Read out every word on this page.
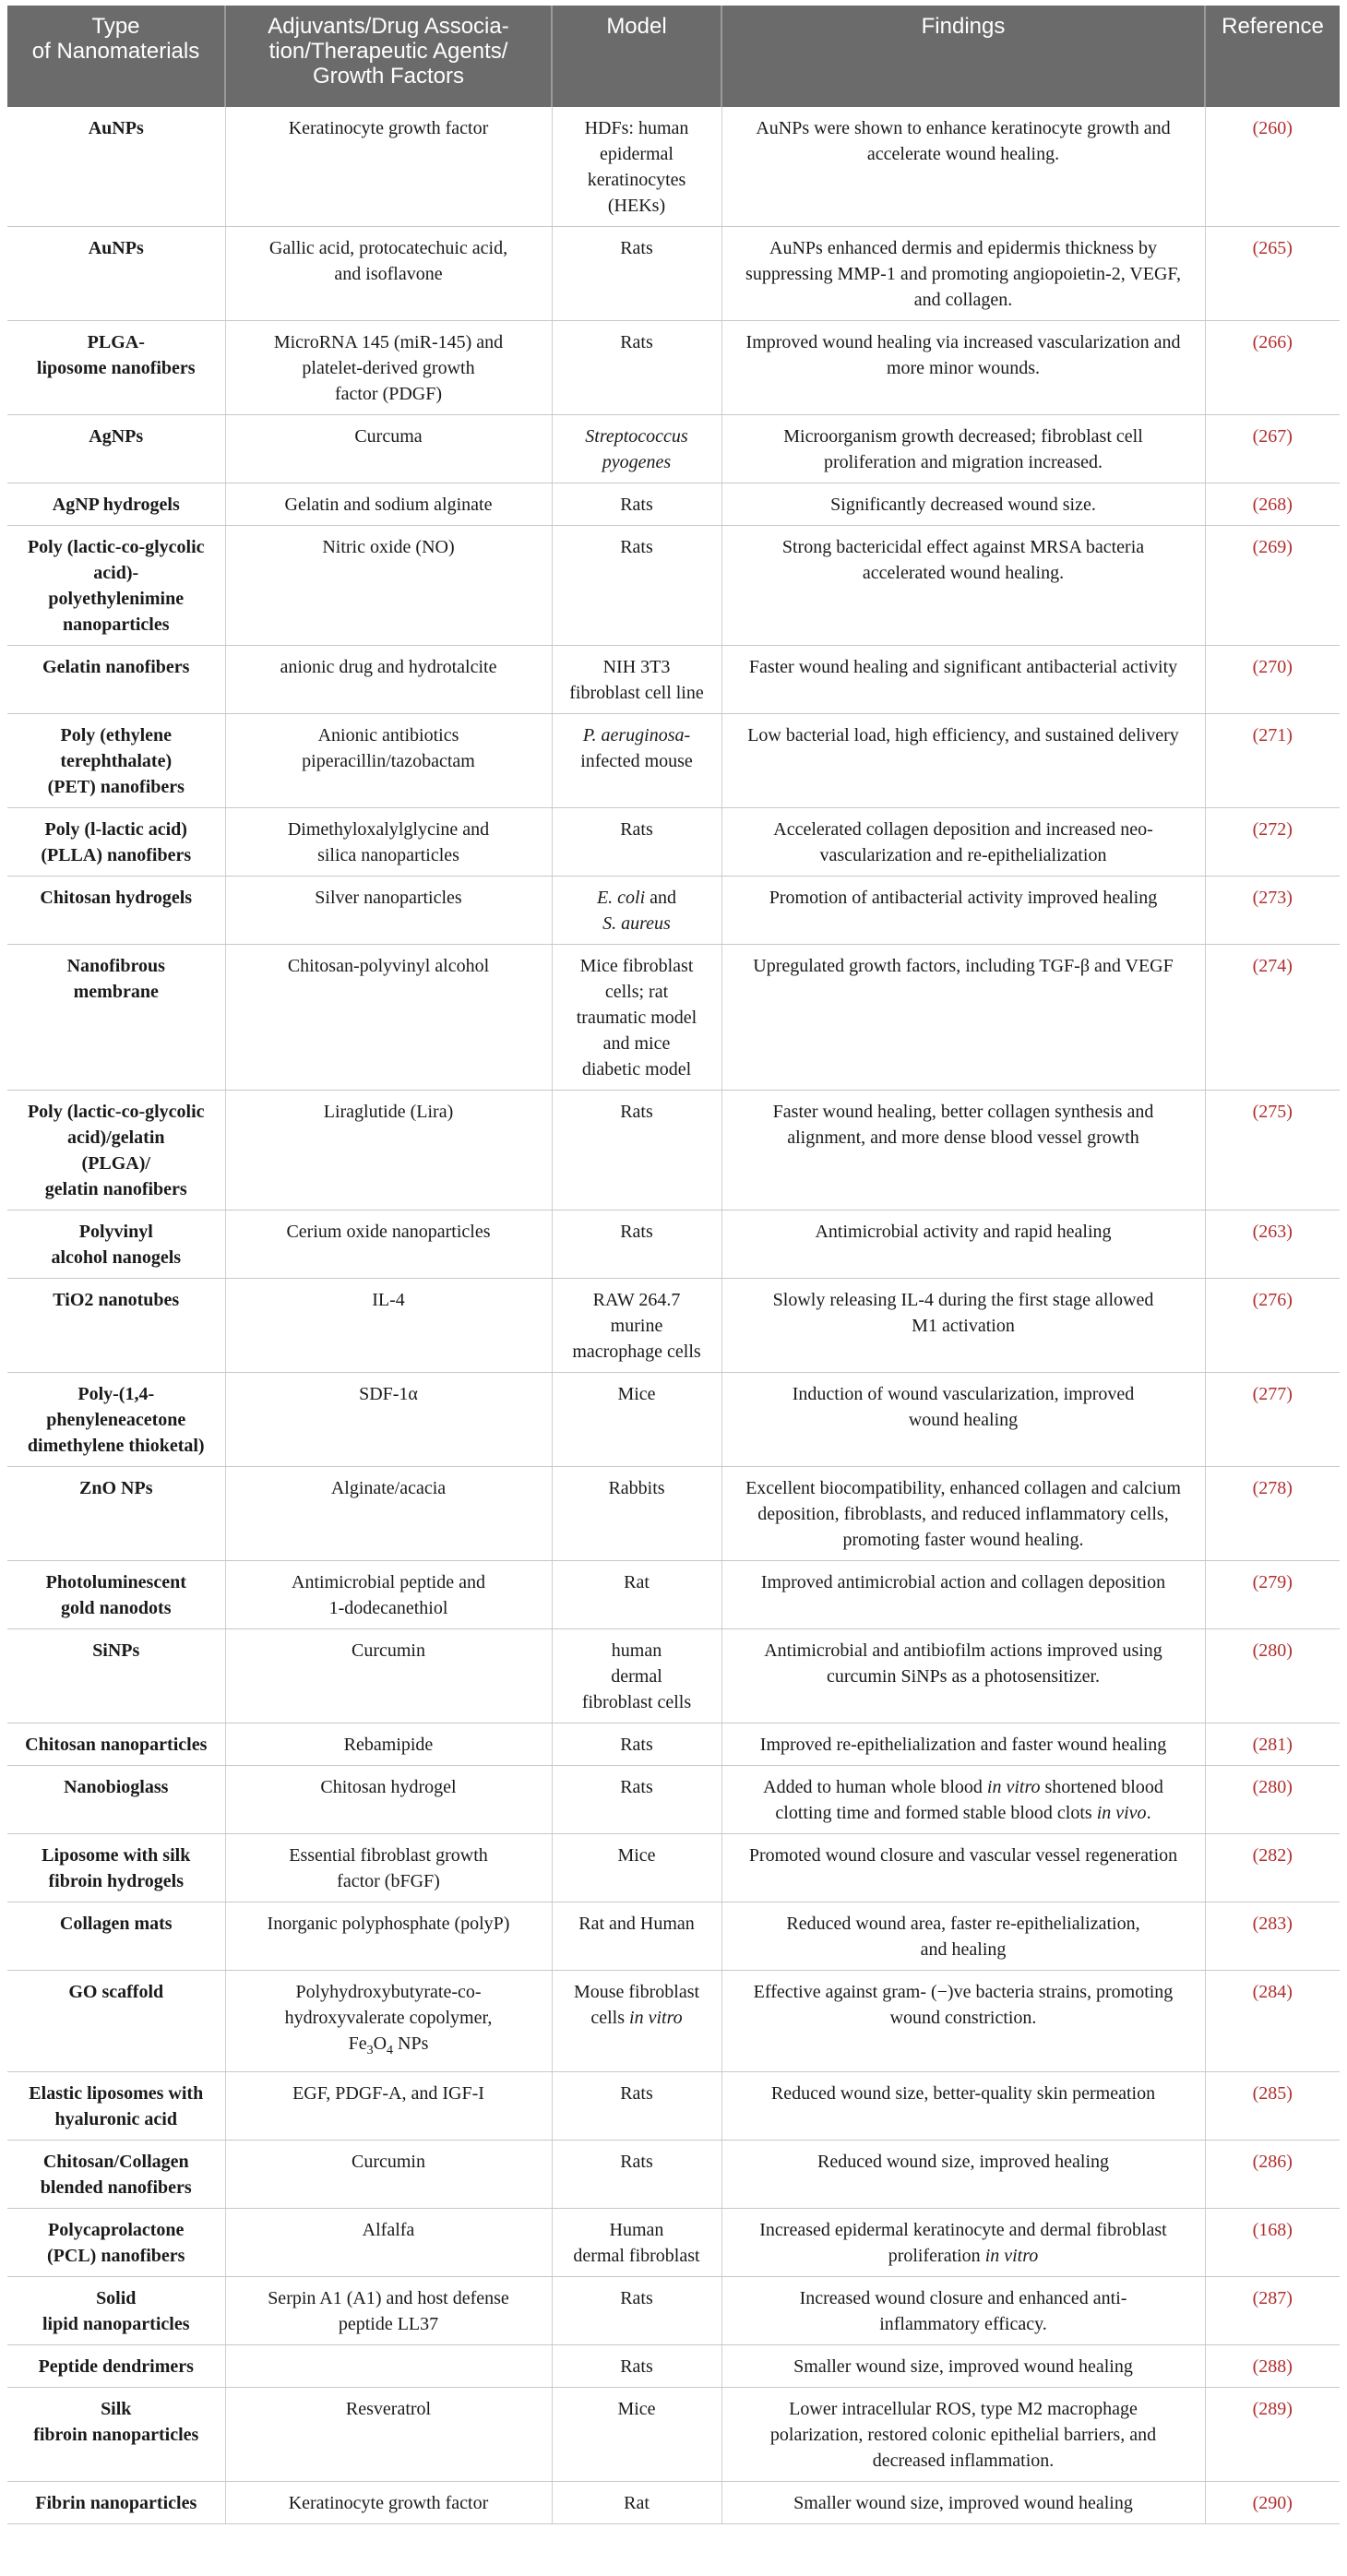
Type
of Nanomaterials	Adjuvants/Drug Associa-
tion/Therapeutic Agents/
Growth Factors	Model	Findings	Reference

AuNPs	Keratinocyte growth factor	HDFs: human
epidermal
keratinocytes
(HEKs)	AuNPs were shown to enhance keratinocyte growth and
accelerate wound healing.	(260)

AuNPs	Gallic acid, protocatechuic acid,
and isoflavone	Rats	AuNPs enhanced dermis and epidermis thickness by
suppressing MMP-1 and promoting angiopoietin-2, VEGF,
and collagen.	(265)

PLGA-
liposome nanofibers	MicroRNA 145 (miR-145) and
platelet-derived growth
factor (PDGF)	Rats	Improved wound healing via increased vascularization and
more minor wounds.	(266)

AgNPs	Curcuma	Streptococcus
pyogenes	Microorganism growth decreased; fibroblast cell
proliferation and migration increased.	(267)

AgNP hydrogels	Gelatin and sodium alginate	Rats	Significantly decreased wound size.	(268)

Poly (lactic-co-glycolic
acid)-
polyethylenimine
nanoparticles	Nitric oxide (NO)	Rats	Strong bactericidal effect against MRSA bacteria
accelerated wound healing.	(269)

Gelatin nanofibers	anionic drug and hydrotalcite	NIH 3T3
fibroblast cell line	Faster wound healing and significant antibacterial activity	(270)

Poly (ethylene
terephthalate)
(PET) nanofibers	Anionic antibiotics
piperacillin/tazobactam	P. aeruginosa-
infected mouse	Low bacterial load, high efficiency, and sustained delivery	(271)

Poly (l-lactic acid)
(PLLA) nanofibers	Dimethyloxalylglycine and
silica nanoparticles	Rats	Accelerated collagen deposition and increased neo-
vascularization and re-epithelialization	(272)

Chitosan hydrogels	Silver nanoparticles	E. coli and
S. aureus	Promotion of antibacterial activity improved healing	(273)

Nanofibrous
membrane	Chitosan-polyvinyl alcohol	Mice fibroblast
cells; rat
traumatic model
and mice
diabetic model	Upregulated growth factors, including TGF-β and VEGF	(274)

Poly (lactic-co-glycolic
acid)/gelatin
(PLGA)/
gelatin nanofibers	Liraglutide (Lira)	Rats	Faster wound healing, better collagen synthesis and
alignment, and more dense blood vessel growth	(275)

Polyvinyl
alcohol nanogels	Cerium oxide nanoparticles	Rats	Antimicrobial activity and rapid healing	(263)

TiO2 nanotubes	IL-4	RAW 264.7
murine
macrophage cells	Slowly releasing IL-4 during the first stage allowed
M1 activation	(276)

Poly-(1,4-
phenyleneacetone
dimethylene thioketal)	SDF-1α	Mice	Induction of wound vascularization, improved
wound healing	(277)

ZnO NPs	Alginate/acacia	Rabbits	Excellent biocompatibility, enhanced collagen and calcium
deposition, fibroblasts, and reduced inflammatory cells,
promoting faster wound healing.	(278)

Photoluminescent
gold nanodots	Antimicrobial peptide and
1-dodecanethiol	Rat	Improved antimicrobial action and collagen deposition	(279)

SiNPs	Curcumin	human
dermal
fibroblast cells	Antimicrobial and antibiofilm actions improved using
curcumin SiNPs as a photosensitizer.	(280)

Chitosan nanoparticles	Rebamipide	Rats	Improved re-epithelialization and faster wound healing	(281)

Nanobioglass	Chitosan hydrogel	Rats	Added to human whole blood in vitro shortened blood
clotting time and formed stable blood clots in vivo.	(280)

Liposome with silk
fibroin hydrogels	Essential fibroblast growth
factor (bFGF)	Mice	Promoted wound closure and vascular vessel regeneration	(282)

Collagen mats	Inorganic polyphosphate (polyP)	Rat and Human	Reduced wound area, faster re-epithelialization,
and healing	(283)

GO scaffold	Polyhydroxybutyrate-co-
hydroxyvalerate copolymer,
$Fe_3O_4$ NPs	Mouse fibroblast
cells in vitro	Effective against gram- (−)ve bacteria strains, promoting
wound constriction.	(284)

Elastic liposomes with
hyaluronic acid	EGF, PDGF-A, and IGF-I	Rats	Reduced wound size, better-quality skin permeation	(285)

Chitosan/Collagen
blended nanofibers	Curcumin	Rats	Reduced wound size, improved healing	(286)

Polycaprolactone
(PCL) nanofibers	Alfalfa	Human
dermal fibroblast	Increased epidermal keratinocyte and dermal fibroblast
proliferation in vitro	(168)

Solid
lipid nanoparticles	Serpin A1 (A1) and host defense
peptide LL37	Rats	Increased wound closure and enhanced anti-
inflammatory efficacy.	(287)

Peptide dendrimers		Rats	Smaller wound size, improved wound healing	(288)

Silk
fibroin nanoparticles	Resveratrol	Mice	Lower intracellular ROS, type M2 macrophage
polarization, restored colonic epithelial barriers, and
decreased inflammation.	(289)

Fibrin nanoparticles	Keratinocyte growth factor	Rat	Smaller wound size, improved wound healing	(290)
